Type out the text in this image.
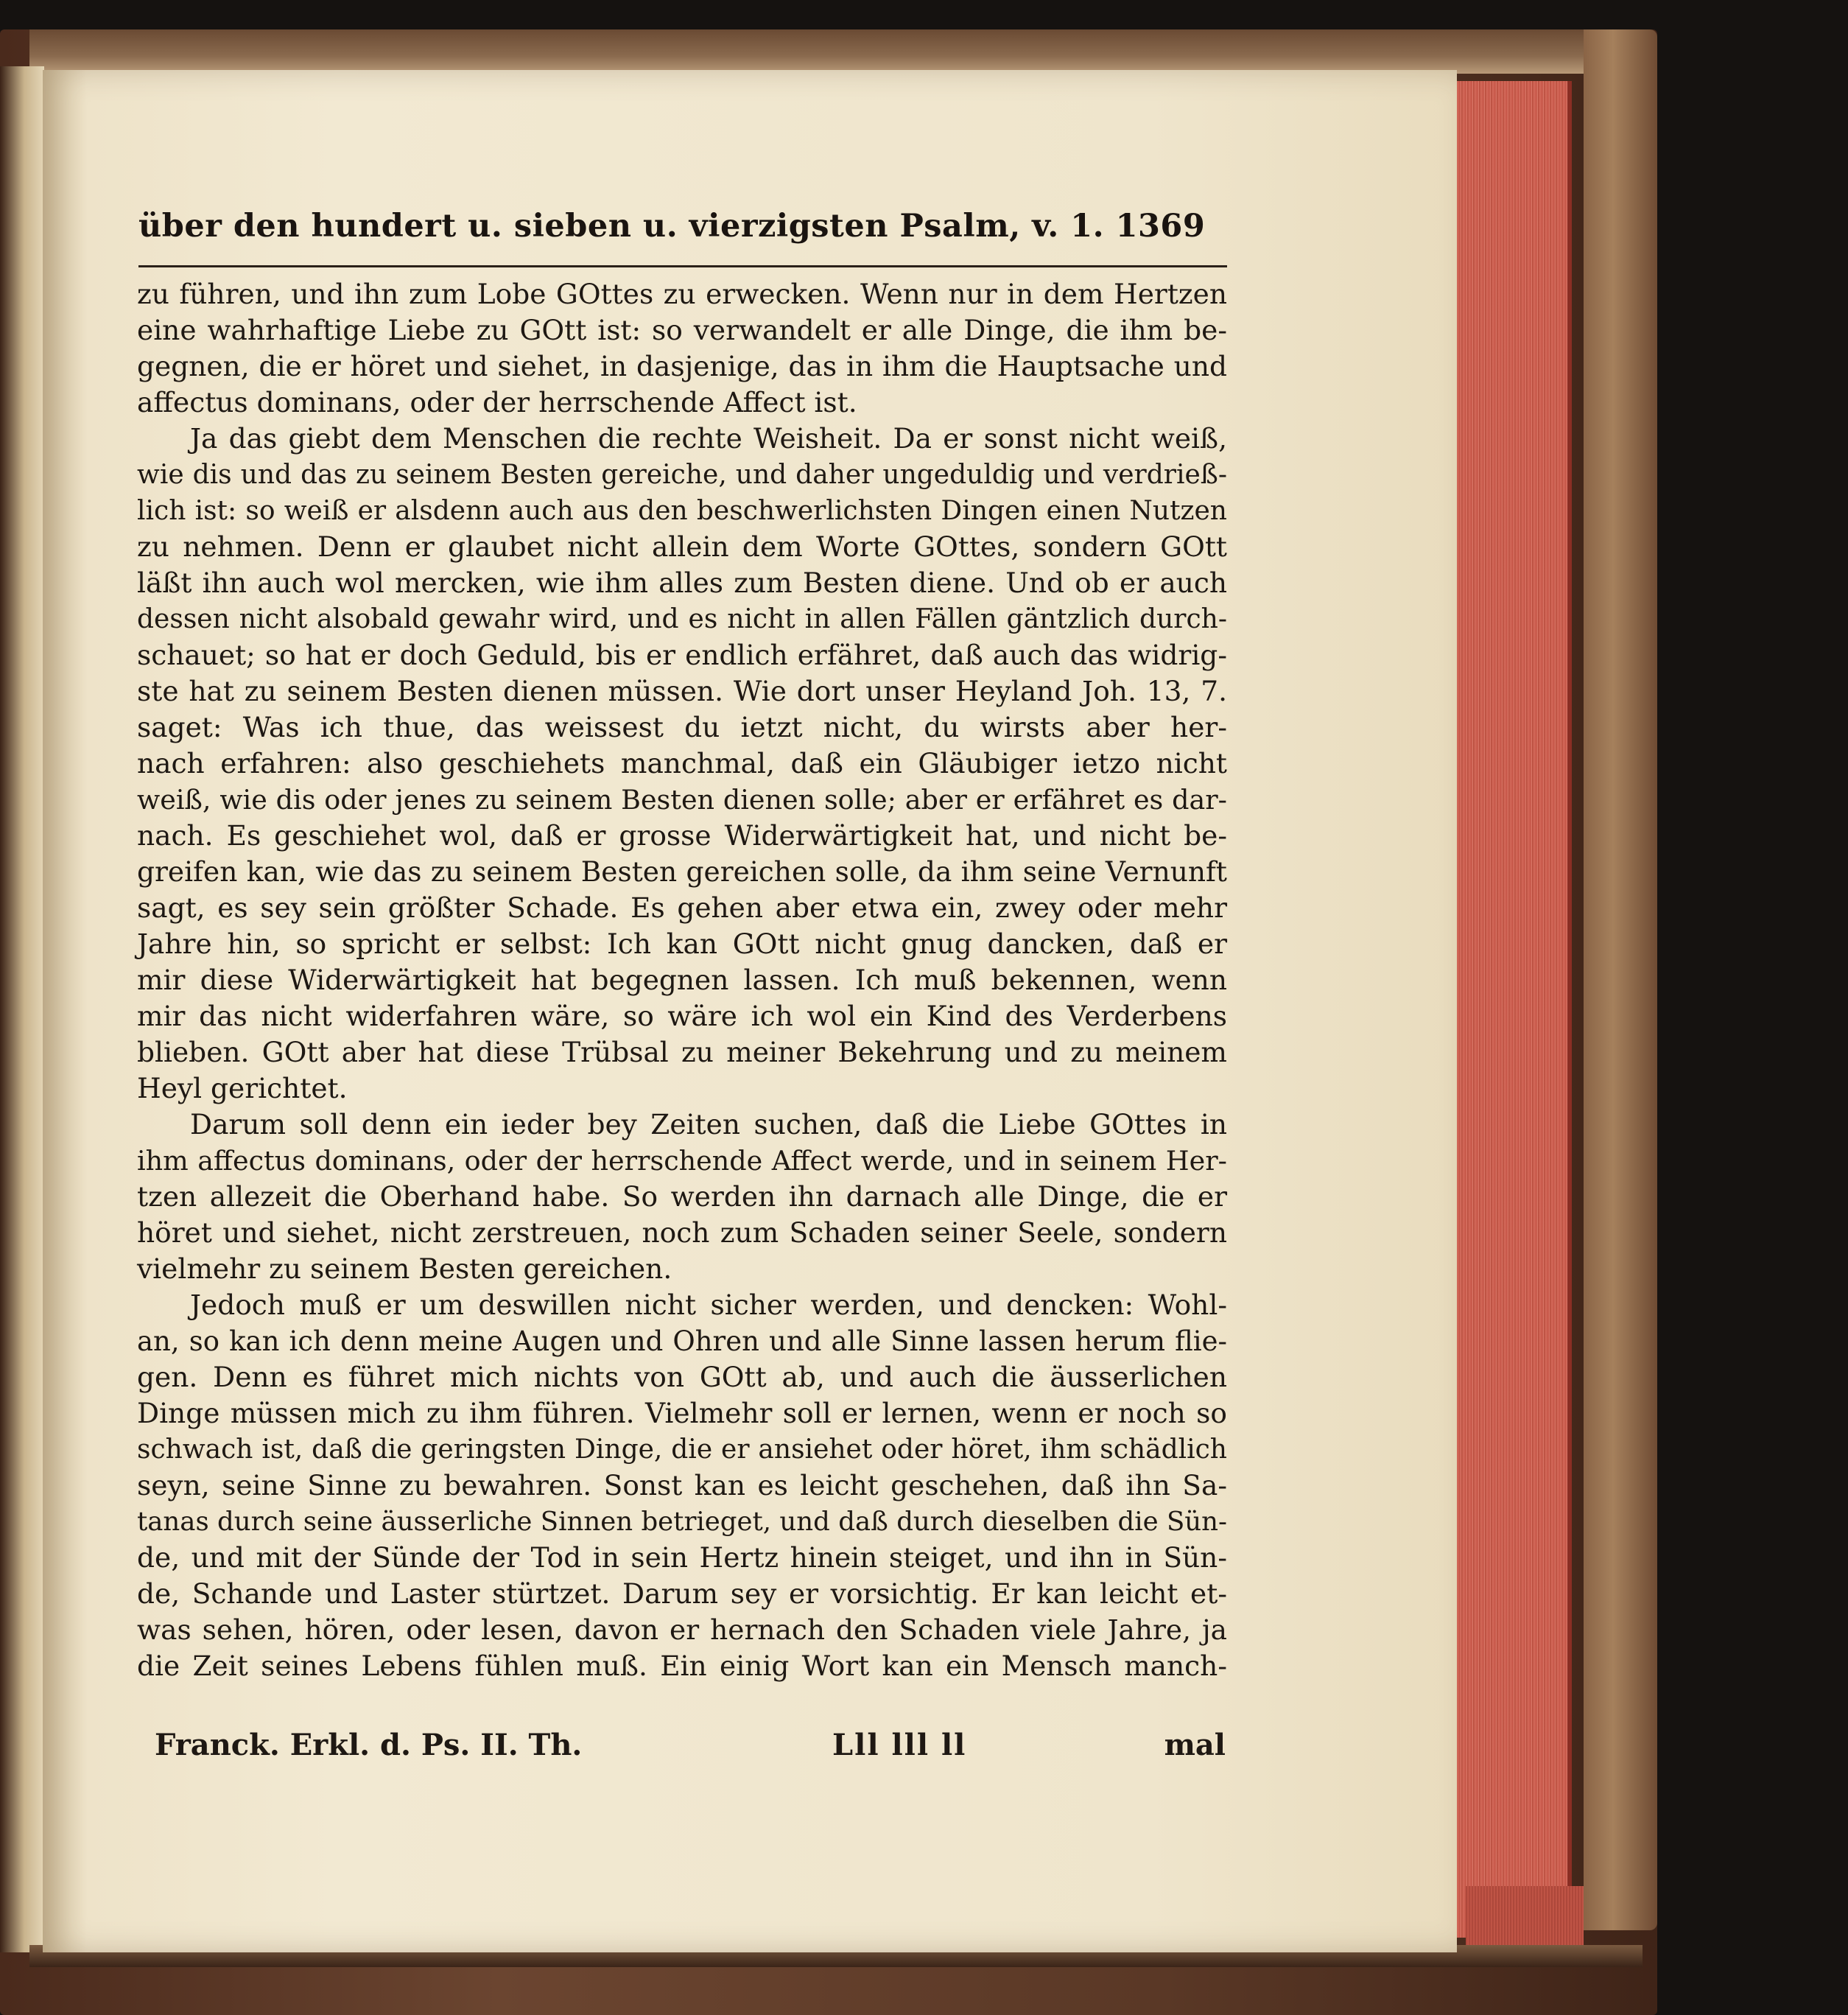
über den hundert u. sieben u. vierzigsten Psalm, v. 1. 1369
zu führen, und ihn zum Lobe GOttes zu erwecken. Wenn nur in dem Hertzen
eine wahrhaftige Liebe zu GOtt ist: so verwandelt er alle Dinge, die ihm be-
gegnen, die er höret und siehet, in dasjenige, das in ihm die Hauptsache und
affectus dominans, oder der herrschende Affect ist.
Ja das giebt dem Menschen die rechte Weisheit. Da er sonst nicht weiß,
wie dis und das zu seinem Besten gereiche, und daher ungeduldig und verdrieß-
lich ist: so weiß er alsdenn auch aus den beschwerlichsten Dingen einen Nutzen
zu nehmen. Denn er glaubet nicht allein dem Worte GOttes, sondern GOtt
läßt ihn auch wol mercken, wie ihm alles zum Besten diene. Und ob er auch
dessen nicht alsobald gewahr wird, und es nicht in allen Fällen gäntzlich durch-
schauet; so hat er doch Geduld, bis er endlich erfähret, daß auch das widrig-
ste hat zu seinem Besten dienen müssen. Wie dort unser Heyland Joh. 13, 7.
saget: Was ich thue, das weissest du ietzt nicht, du wirsts aber her-
nach erfahren: also geschiehets manchmal, daß ein Gläubiger ietzo nicht
weiß, wie dis oder jenes zu seinem Besten dienen solle; aber er erfähret es dar-
nach. Es geschiehet wol, daß er grosse Widerwärtigkeit hat, und nicht be-
greifen kan, wie das zu seinem Besten gereichen solle, da ihm seine Vernunft
sagt, es sey sein größter Schade. Es gehen aber etwa ein, zwey oder mehr
Jahre hin, so spricht er selbst: Ich kan GOtt nicht gnug dancken, daß er
mir diese Widerwärtigkeit hat begegnen lassen. Ich muß bekennen, wenn
mir das nicht widerfahren wäre, so wäre ich wol ein Kind des Verderbens
blieben. GOtt aber hat diese Trübsal zu meiner Bekehrung und zu meinem
Heyl gerichtet.
Darum soll denn ein ieder bey Zeiten suchen, daß die Liebe GOttes in
ihm affectus dominans, oder der herrschende Affect werde, und in seinem Her-
tzen allezeit die Oberhand habe. So werden ihn darnach alle Dinge, die er
höret und siehet, nicht zerstreuen, noch zum Schaden seiner Seele, sondern
vielmehr zu seinem Besten gereichen.
Jedoch muß er um deswillen nicht sicher werden, und dencken: Wohl-
an, so kan ich denn meine Augen und Ohren und alle Sinne lassen herum flie-
gen. Denn es führet mich nichts von GOtt ab, und auch die äusserlichen
Dinge müssen mich zu ihm führen. Vielmehr soll er lernen, wenn er noch so
schwach ist, daß die geringsten Dinge, die er ansiehet oder höret, ihm schädlich
seyn, seine Sinne zu bewahren. Sonst kan es leicht geschehen, daß ihn Sa-
tanas durch seine äusserliche Sinnen betrieget, und daß durch dieselben die Sün-
de, und mit der Sünde der Tod in sein Hertz hinein steiget, und ihn in Sün-
de, Schande und Laster stürtzet. Darum sey er vorsichtig. Er kan leicht et-
was sehen, hören, oder lesen, davon er hernach den Schaden viele Jahre, ja
die Zeit seines Lebens fühlen muß. Ein einig Wort kan ein Mensch manch-
Franck. Erkl. d. Ps. II. Th.	Lll lll ll	mal
